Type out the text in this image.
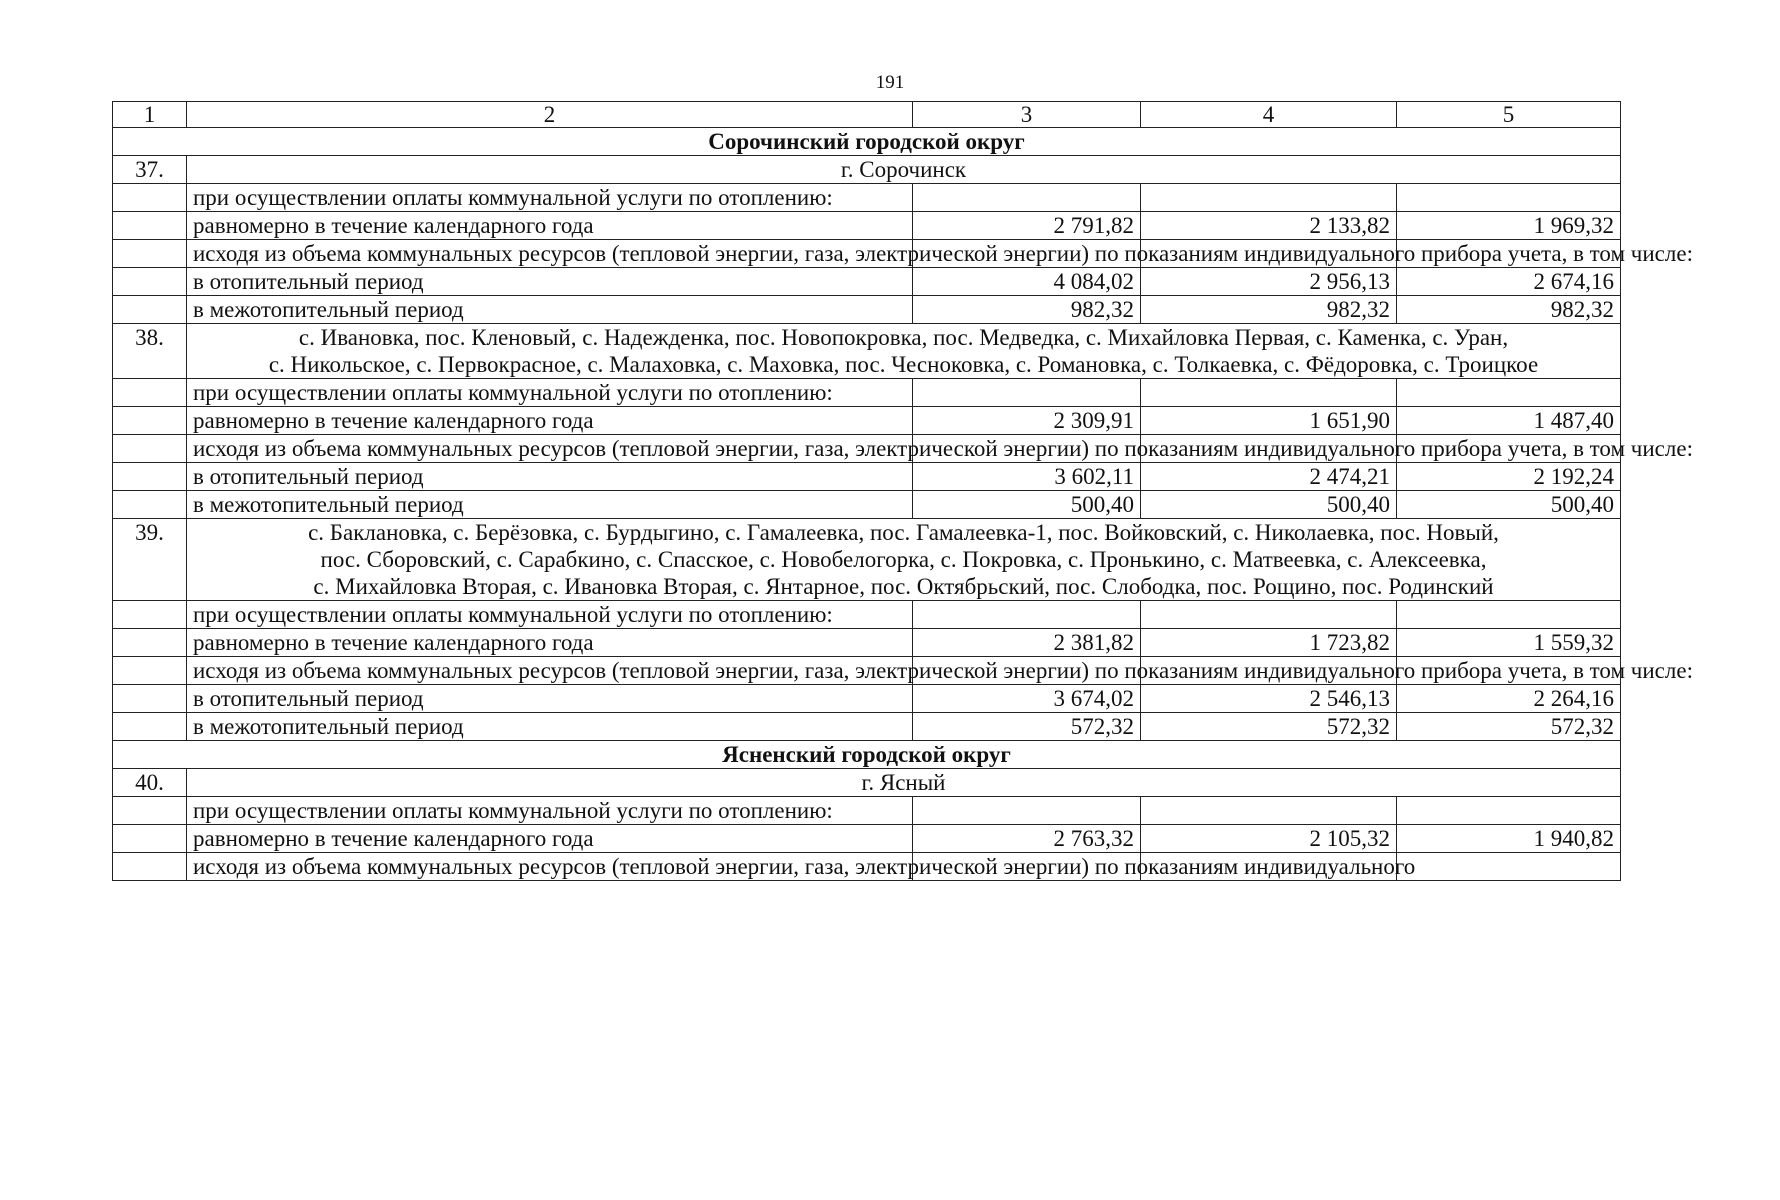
191
1	2	3	4	5
Сорочинский городской округ				
37.	г. Сорочинск			

	при осуществлении оплаты коммунальной услуги по отоплению:			
	равномерно в течение календарного года	2 791,82	2 133,82	1 969,32
	исходя из объема коммунальных ресурсов (тепловой энергии, газа, электрической энергии) по показаниям индивидуального прибора учета, в том числе:			
	в отопительный период	4 084,02	2 956,13	2 674,16
	в межотопительный период	982,32	982,32	982,32
38.	с. Ивановка, пос. Кленовый, с. Надежденка, пос. Новопокровка, пос. Медведка, с. Михайловка Первая, с. Каменка, с. Уран,
с. Никольское, с. Первокрасное, с. Малаховка, с. Маховка, пос. Чесноковка, с. Романовка, с. Толкаевка, с. Фёдоровка, с. Троицкое			

	при осуществлении оплаты коммунальной услуги по отоплению:			
	равномерно в течение календарного года	2 309,91	1 651,90	1 487,40
	исходя из объема коммунальных ресурсов (тепловой энергии, газа, электрической энергии) по показаниям индивидуального прибора учета, в том числе:			
	в отопительный период	3 602,11	2 474,21	2 192,24
	в межотопительный период	500,40	500,40	500,40
39.	с. Баклановка, с. Берёзовка, с. Бурдыгино, с. Гамалеевка, пос. Гамалеевка-1, пос. Войковский, с. Николаевка, пос. Новый,
пос. Сборовский, с. Сарабкино, с. Спасское, с. Новобелогорка, с. Покровка, с. Пронькино, с. Матвеевка, с. Алексеевка,
с. Михайловка Вторая, с. Ивановка Вторая, с. Янтарное, пос. Октябрьский, пос. Слободка, пос. Рощино, пос. Родинский			

	при осуществлении оплаты коммунальной услуги по отоплению:			
	равномерно в течение календарного года	2 381,82	1 723,82	1 559,32
	исходя из объема коммунальных ресурсов (тепловой энергии, газа, электрической энергии) по показаниям индивидуального прибора учета, в том числе:			
	в отопительный период	3 674,02	2 546,13	2 264,16
	в межотопительный период	572,32	572,32	572,32
Ясненский городской округ				
40.	г. Ясный			

	при осуществлении оплаты коммунальной услуги по отоплению:			
	равномерно в течение календарного года	2 763,32	2 105,32	1 940,82
	исходя из объема коммунальных ресурсов (тепловой энергии, газа, электрической энергии) по показаниям индивидуального			
